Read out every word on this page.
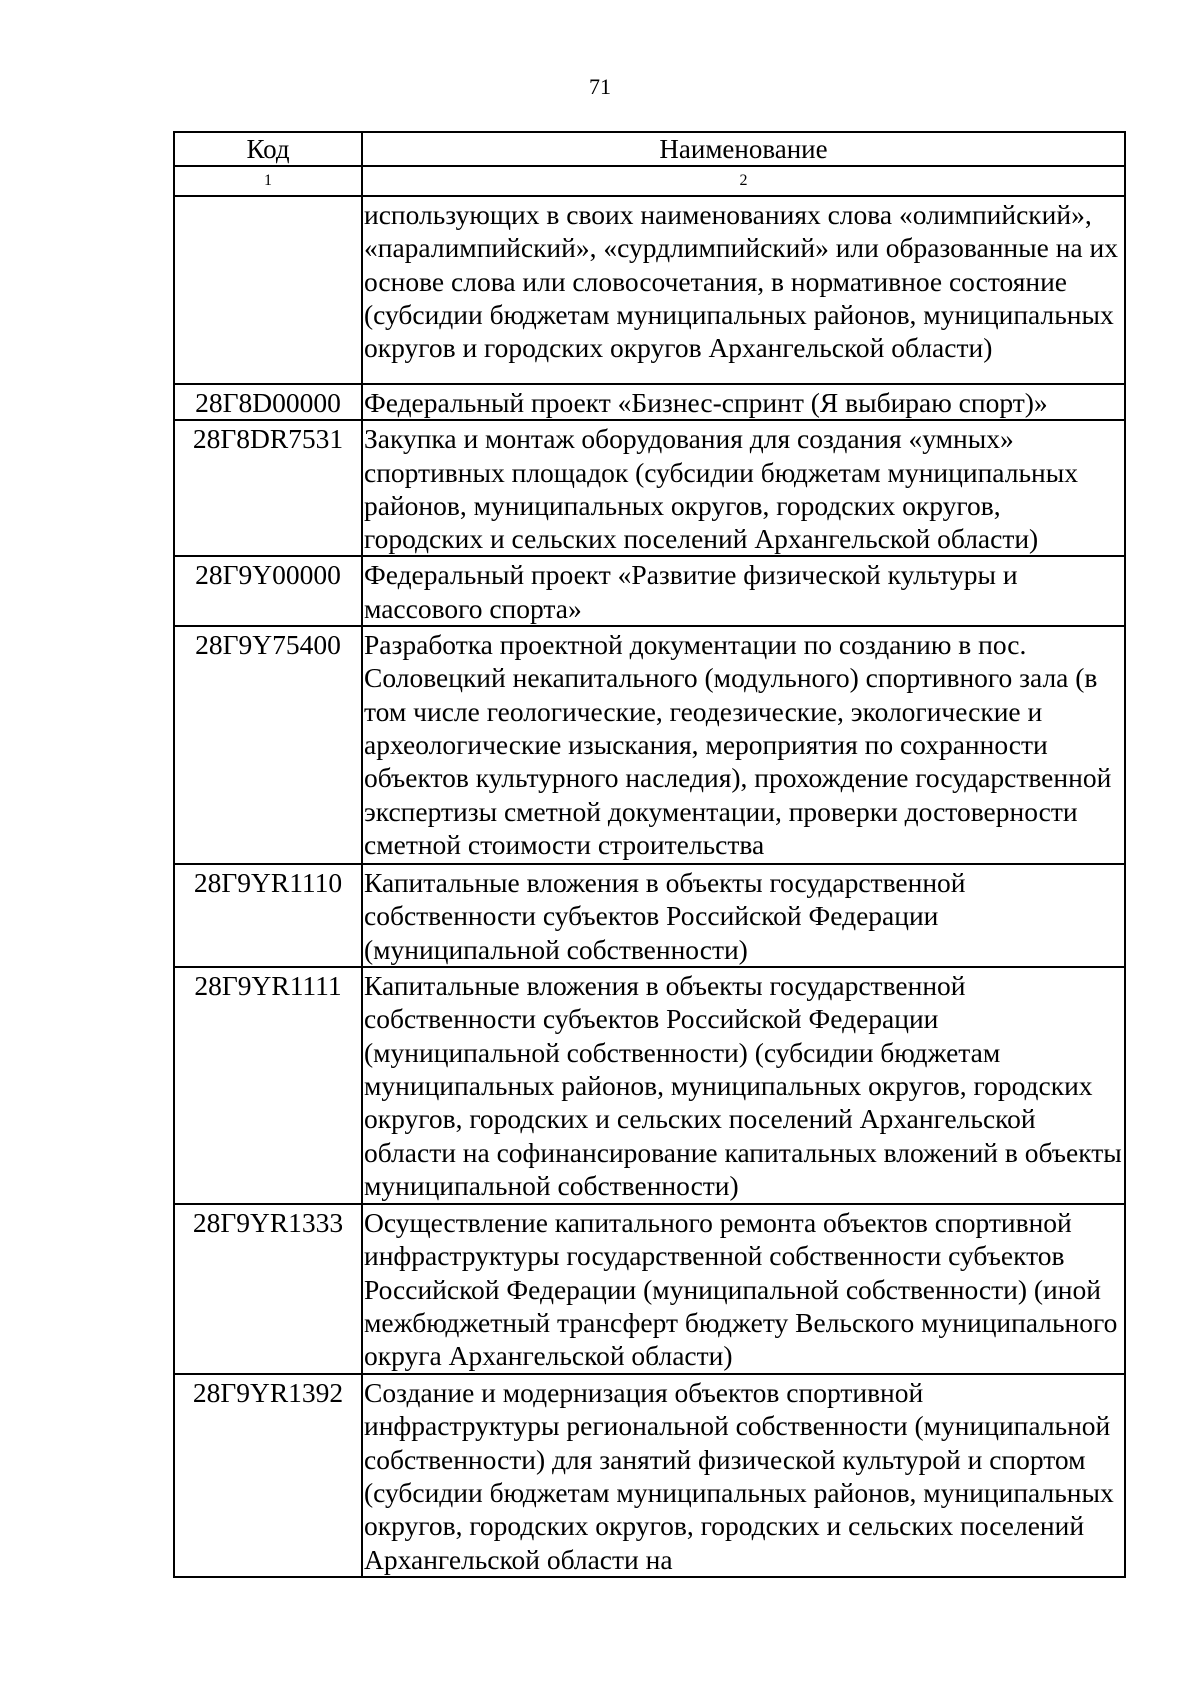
71
Код	Наименование
1	2
	использующих в своих наименованиях слова «олимпийский», «паралимпийский», «сурдлимпийский» или образованные на их основе слова или словосочетания, в нормативное состояние (субсидии бюджетам муниципальных районов, муниципальных округов и городских округов Архангельской области)
28Г8D00000	Федеральный проект «Бизнес-спринт (Я выбираю спорт)»
28Г8DR7531	Закупка и монтаж оборудования для создания «умных» спортивных площадок (субсидии бюджетам муниципальных районов, муниципальных округов, городских округов, городских и сельских поселений Архангельской области)
28Г9Y00000	Федеральный проект «Развитие физической культуры и массового спорта»
28Г9Y75400	Разработка проектной документации по созданию в пос. Соловецкий некапитального (модульного) спортивного зала (в том числе геологические, геодезические, экологические и археологические изыскания, мероприятия по сохранности объектов культурного наследия), прохождение государственной экспертизы сметной документации, проверки достоверности сметной стоимости строительства
28Г9YR1110	Капитальные вложения в объекты государственной собственности субъектов Российской Федерации (муниципальной собственности)
28Г9YR1111	Капитальные вложения в объекты государственной собственности субъектов Российской Федерации (муниципальной собственности) (субсидии бюджетам муниципальных районов, муниципальных округов, городских округов, городских и сельских поселений Архангельской области на софинансирование капитальных вложений в объекты муниципальной собственности)
28Г9YR1333	Осуществление капитального ремонта объектов спортивной инфраструктуры государственной собственности субъектов Российской Федерации (муниципальной собственности) (иной межбюджетный трансферт бюджету Вельского муниципального округа Архангельской области)
28Г9YR1392	Создание и модернизация объектов спортивной инфраструктуры региональной собственности (муниципальной собственности) для занятий физической культурой и спортом (субсидии бюджетам муниципальных районов, муниципальных округов, городских округов, городских и сельских поселений Архангельской области на
